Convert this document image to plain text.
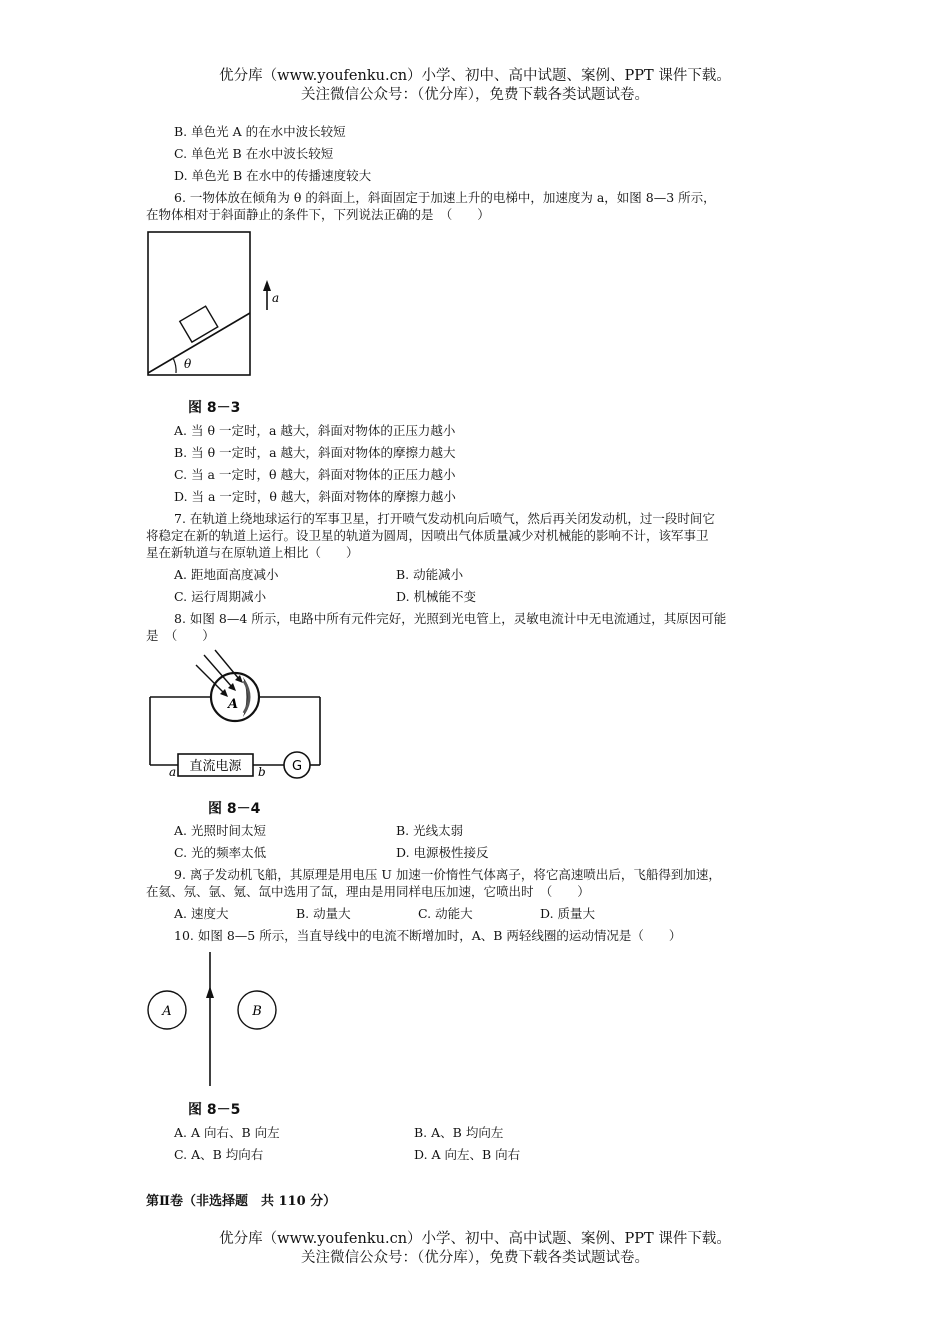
优分库（www.youfenku.cn）小学、初中、高中试题、案例、PPT 课件下载。
关注微信公众号：（优分库），免费下载各类试题试卷。
B. 单色光 A 的在水中波长较短
C. 单色光 B 在水中波长较短
D. 单色光 B 在水中的传播速度较大
6. 一物体放在倾角为 θ 的斜面上，斜面固定于加速上升的电梯中，加速度为 a，如图 8—3 所示，
在物体相对于斜面静止的条件下，下列说法正确的是　（　　）
θ
a
图 8－3
A. 当 θ 一定时，a 越大，斜面对物体的正压力越小
B. 当 θ 一定时，a 越大，斜面对物体的摩擦力越大
C. 当 a 一定时，θ 越大，斜面对物体的正压力越小
D. 当 a 一定时，θ 越大，斜面对物体的摩擦力越小
7. 在轨道上绕地球运行的军事卫星，打开喷气发动机向后喷气，然后再关闭发动机，过一段时间它
将稳定在新的轨道上运行。设卫星的轨道为圆周，因喷出气体质量减少对机械能的影响不计，该军事卫
星在新轨道与在原轨道上相比（　　）
A. 距地面高度减小	B. 动能减小
C. 运行周期减小	D. 机械能不变
8. 如图 8—4 所示，电路中所有元件完好，光照到光电管上，灵敏电流计中无电流通过，其原因可能
是　（　　）
直流电源
a	b G
A
图 8－4
A. 光照时间太短	B. 光线太弱
C. 光的频率太低	D. 电源极性接反
9. 离子发动机飞船，其原理是用电压 U 加速一价惰性气体离子，将它高速喷出后，飞船得到加速，
在氦、氖、氩、氪、氙中选用了氙，理由是用同样电压加速，它喷出时　（　　）
A. 速度大	B. 动量大	C. 动能大	D. 质量大
10. 如图 8—5 所示，当直导线中的电流不断增加时，A、B 两轻线圈的运动情况是（　　）
A	B
图 8－5
A. A 向右、B 向左	B. A、B 均向左
C. A、B 均向右	D. A 向左、B 向右
第Ⅱ卷（非选择题　共 110 分）
优分库（www.youfenku.cn）小学、初中、高中试题、案例、PPT 课件下载。
关注微信公众号：（优分库），免费下载各类试题试卷。
